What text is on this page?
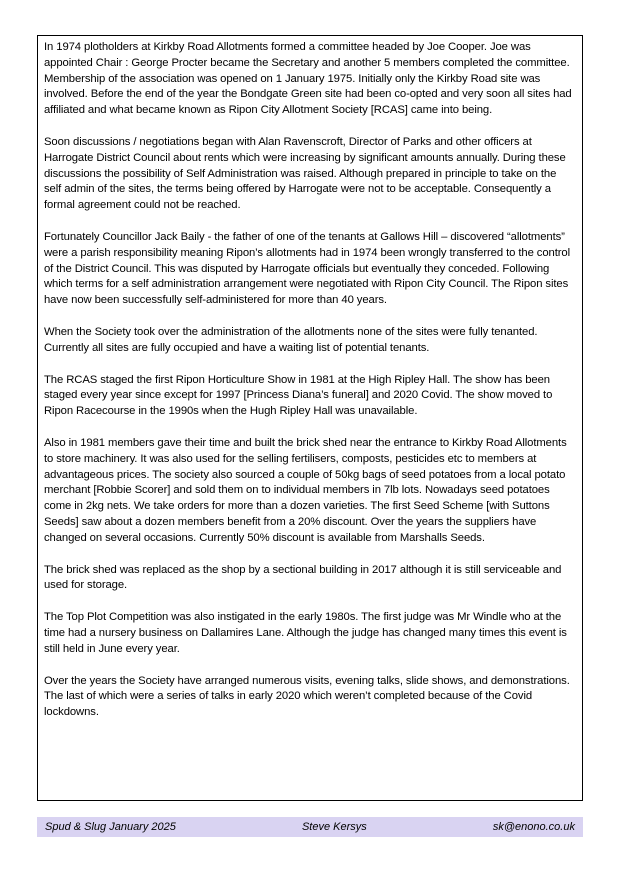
In 1974 plotholders at Kirkby Road Allotments formed a committee headed by Joe Cooper. Joe was appointed Chair : George Procter became the Secretary and another 5 members completed the committee. Membership of the association was opened on 1 January 1975. Initially only the Kirkby Road site was involved. Before the end of the year the Bondgate Green site had been co-opted and very soon all sites had affiliated and what became known as Ripon City Allotment Society [RCAS] came into being.

Soon discussions / negotiations began with Alan Ravenscroft, Director of Parks and other officers at Harrogate District Council about rents which were increasing by significant amounts annually. During these discussions the possibility of Self Administration was raised. Although prepared in principle to take on the self admin of the sites, the terms being offered by Harrogate were not to be acceptable. Consequently a formal agreement could not be reached.

Fortunately Councillor Jack Baily - the father of one of the tenants at Gallows Hill – discovered “allotments” were a parish responsibility meaning Ripon’s allotments had in 1974 been wrongly transferred to the control of the District Council. This was disputed by Harrogate officials but eventually they conceded. Following which terms for a self administration arrangement were negotiated with Ripon City Council. The Ripon sites have now been successfully self-administered for more than 40 years.

When the Society took over the administration of the allotments none of the sites were fully tenanted. Currently all sites are fully occupied and have a waiting list of potential tenants.

The RCAS staged the first Ripon Horticulture Show in 1981 at the High Ripley Hall. The show has been staged every year since except for 1997 [Princess Diana’s funeral] and 2020 Covid. The show moved to Ripon Racecourse in the 1990s when the Hugh Ripley Hall was unavailable.

Also in 1981 members gave their time and built the brick shed near the entrance to Kirkby Road Allotments to store machinery. It was also used for the selling fertilisers, composts, pesticides etc to members at advantageous prices. The society also sourced a couple of 50kg bags of seed potatoes from a local potato merchant [Robbie Scorer] and sold them on to individual members in 7lb lots. Nowadays seed potatoes come in 2kg nets. We take orders for more than a dozen varieties. The first Seed Scheme [with Suttons Seeds] saw about a dozen members benefit from a 20% discount. Over the years the suppliers have changed on several occasions. Currently 50% discount is available from Marshalls Seeds.

The brick shed was replaced as the shop by a sectional building in 2017 although it is still serviceable and used for storage.

The Top Plot Competition was also instigated in the early 1980s. The first judge was Mr Windle who at the time had a nursery business on Dallamires Lane. Although the judge has changed many times this event is still held in June every year.

Over the years the Society have arranged numerous visits, evening talks, slide shows, and demonstrations. The last of which were a series of talks in early 2020 which weren’t completed because of the Covid lockdowns.

Spud & Slug January 2025	Steve Kersys	sk@enono.co.uk
